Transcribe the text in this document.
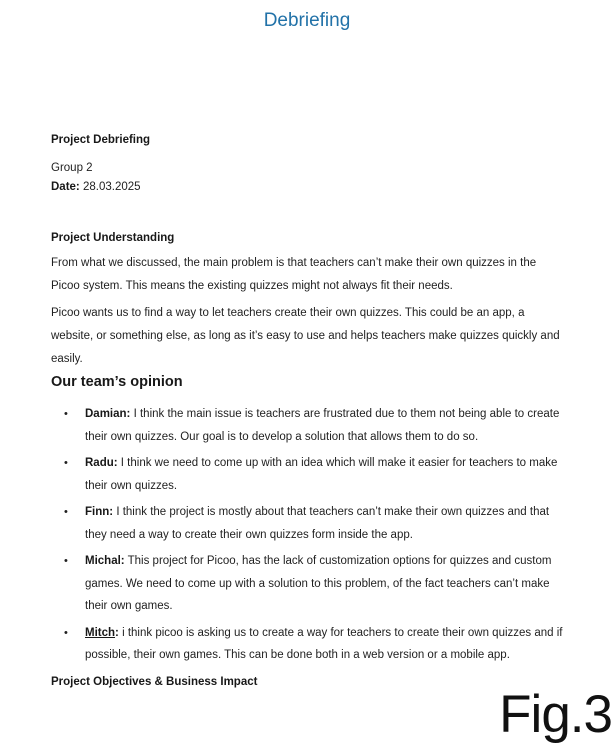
Debriefing
Project Debriefing
Group 2
Date: 28.03.2025
Project Understanding

From what we discussed, the main problem is that teachers can’t make their own quizzes in the Picoo system. This means the existing quizzes might not always fit their needs.

Picoo wants us to find a way to let teachers create their own quizzes. This could be an app, a website, or something else, as long as it’s easy to use and helps teachers make quizzes quickly and easily.

Our team’s opinion
• Damian: I think the main issue is teachers are frustrated due to them not being able to create their own quizzes. Our goal is to develop a solution that allows them to do so.
• Radu: I think we need to come up with an idea which will make it easier for teachers to make their own quizzes.
• Finn: I think the project is mostly about that teachers can’t make their own quizzes and that they need a way to create their own quizzes form inside the app.
• Michal: This project for Picoo, has the lack of customization options for quizzes and custom games. We need to come up with a solution to this problem, of the fact teachers can’t make their own games.
• Mitch: i think picoo is asking us to create a way for teachers to create their own quizzes and if possible, their own games. This can be done both in a web version or a mobile app.
Project Objectives & Business Impact
Fig.3
